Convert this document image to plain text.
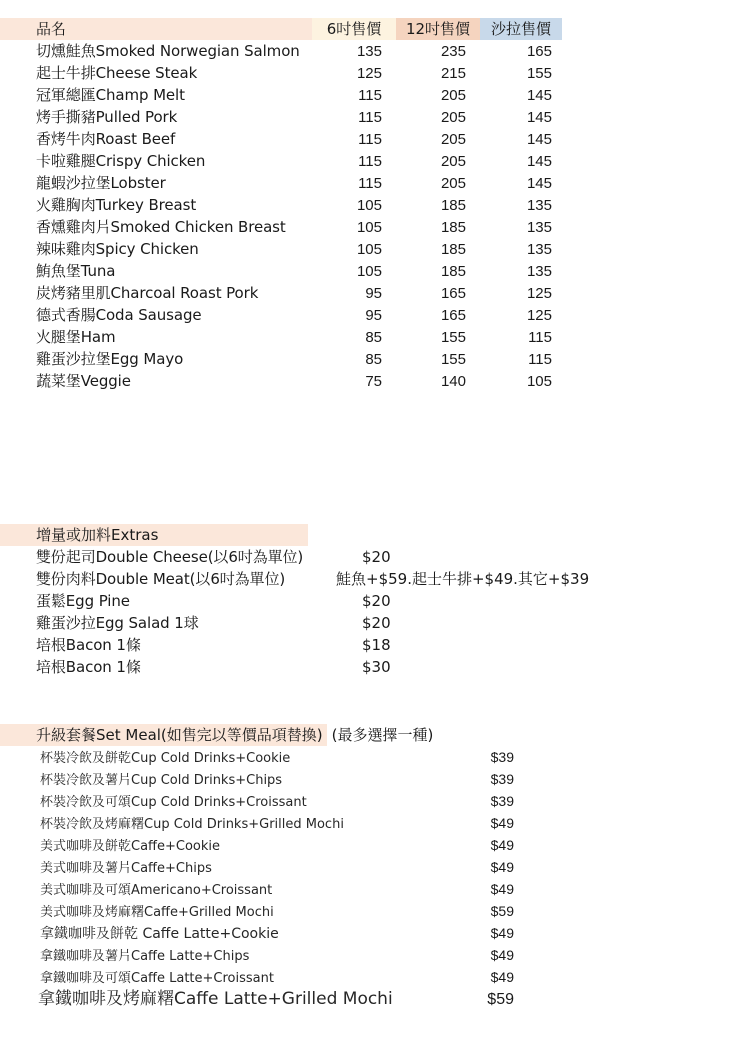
品名	6吋售價 12吋售價 沙拉售價
切燻鮭魚Smoked Norwegian Salmon	135	235	165
起士牛排Cheese Steak	125	215	155
冠軍總匯Champ Melt	115	205	145
烤手撕豬Pulled Pork	115	205	145
香烤牛肉Roast Beef	115	205	145
卡啦雞腿Crispy Chicken	115	205	145
龍蝦沙拉堡Lobster	115	205	145
火雞胸肉Turkey Breast	105	185	135
香燻雞肉片Smoked Chicken Breast	105	185	135
辣味雞肉Spicy Chicken	105	185	135
鮪魚堡Tuna	105	185	135
炭烤豬里肌Charcoal Roast Pork	95	165	125
德式香腸Coda Sausage	95	165	125
火腿堡Ham	85	155	115
雞蛋沙拉堡Egg Mayo	85	155	115
蔬菜堡Veggie	75	140	105
增量或加料Extras
雙份起司Double Cheese(以6吋為單位)	$20
雙份肉料Double Meat(以6吋為單位)	鮭魚+$59.起士牛排+$49.其它+$39
蛋鬆Egg Pine	$20
雞蛋沙拉Egg Salad 1球	$20
培根Bacon 1條	$18
培根Bacon 1條	$30
升級套餐Set Meal(如售完以等價品項替換) (最多選擇一種)
杯裝冷飲及餅乾Cup Cold Drinks+Cookie	$39
杯裝冷飲及薯片Cup Cold Drinks+Chips	$39
杯裝冷飲及可頌Cup Cold Drinks+Croissant	$39
杯裝冷飲及烤麻糬Cup Cold Drinks+Grilled Mochi	$49
美式咖啡及餅乾Caffe+Cookie	$49
美式咖啡及薯片Caffe+Chips	$49
美式咖啡及可頌Americano+Croissant	$49
美式咖啡及烤麻糬Caffe+Grilled Mochi	$59
拿鐵咖啡及餅乾 Caffe Latte+Cookie	$49
拿鐵咖啡及薯片Caffe Latte+Chips	$49
拿鐵咖啡及可頌Caffe Latte+Croissant	$49
拿鐵咖啡及烤麻糬Caffe Latte+Grilled Mochi	$59
